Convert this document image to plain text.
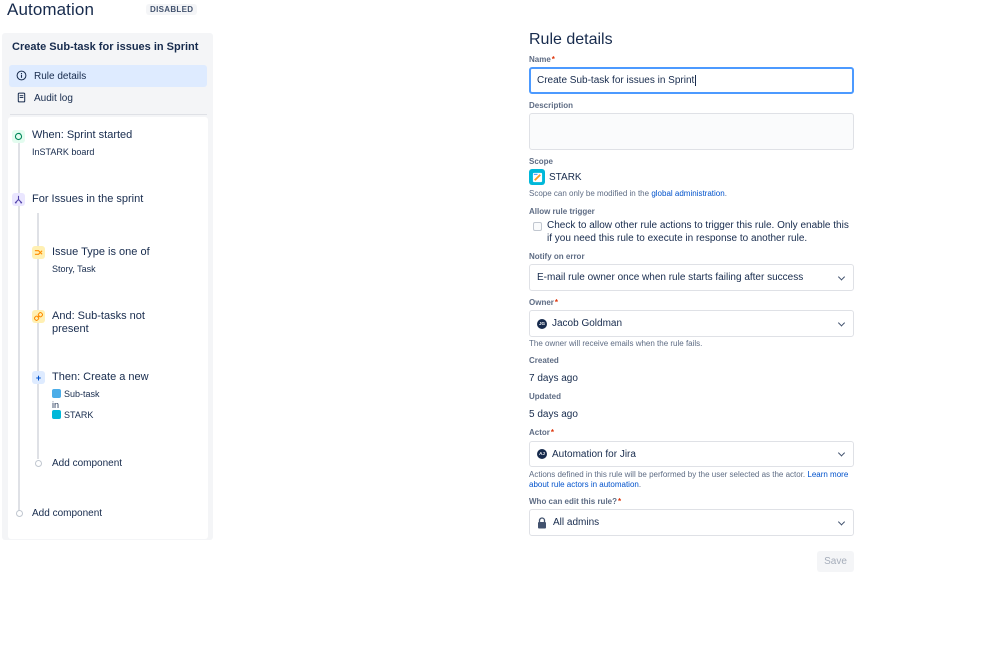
Automation	DISABLED
Create Sub-task for issues in Sprint
Rule details
Audit log
When: Sprint started
InSTARK board
For Issues in the sprint
Issue Type is one of
Story, Task
And: Sub-tasks not present
+ Then: Create a new
Sub-task
in
STARK
Add component
Add component
Rule details
Name*
Create Sub-task for issues in Sprint
Description
Scope
STARK
Scope can only be modified in the global administration.
Allow rule trigger
Check to allow other rule actions to trigger this rule. Only enable this if you need this rule to execute in response to another rule.
Notify on error
E-mail rule owner once when rule starts failing after success
Owner*
JG Jacob Goldman
The owner will receive emails when the rule fails.
Created
7 days ago
Updated
5 days ago
Actor*
AJ Automation for Jira
Actions defined in this rule will be performed by the user selected as the actor. Learn more about rule actors in automation.
Who can edit this rule?*
All admins
Save
